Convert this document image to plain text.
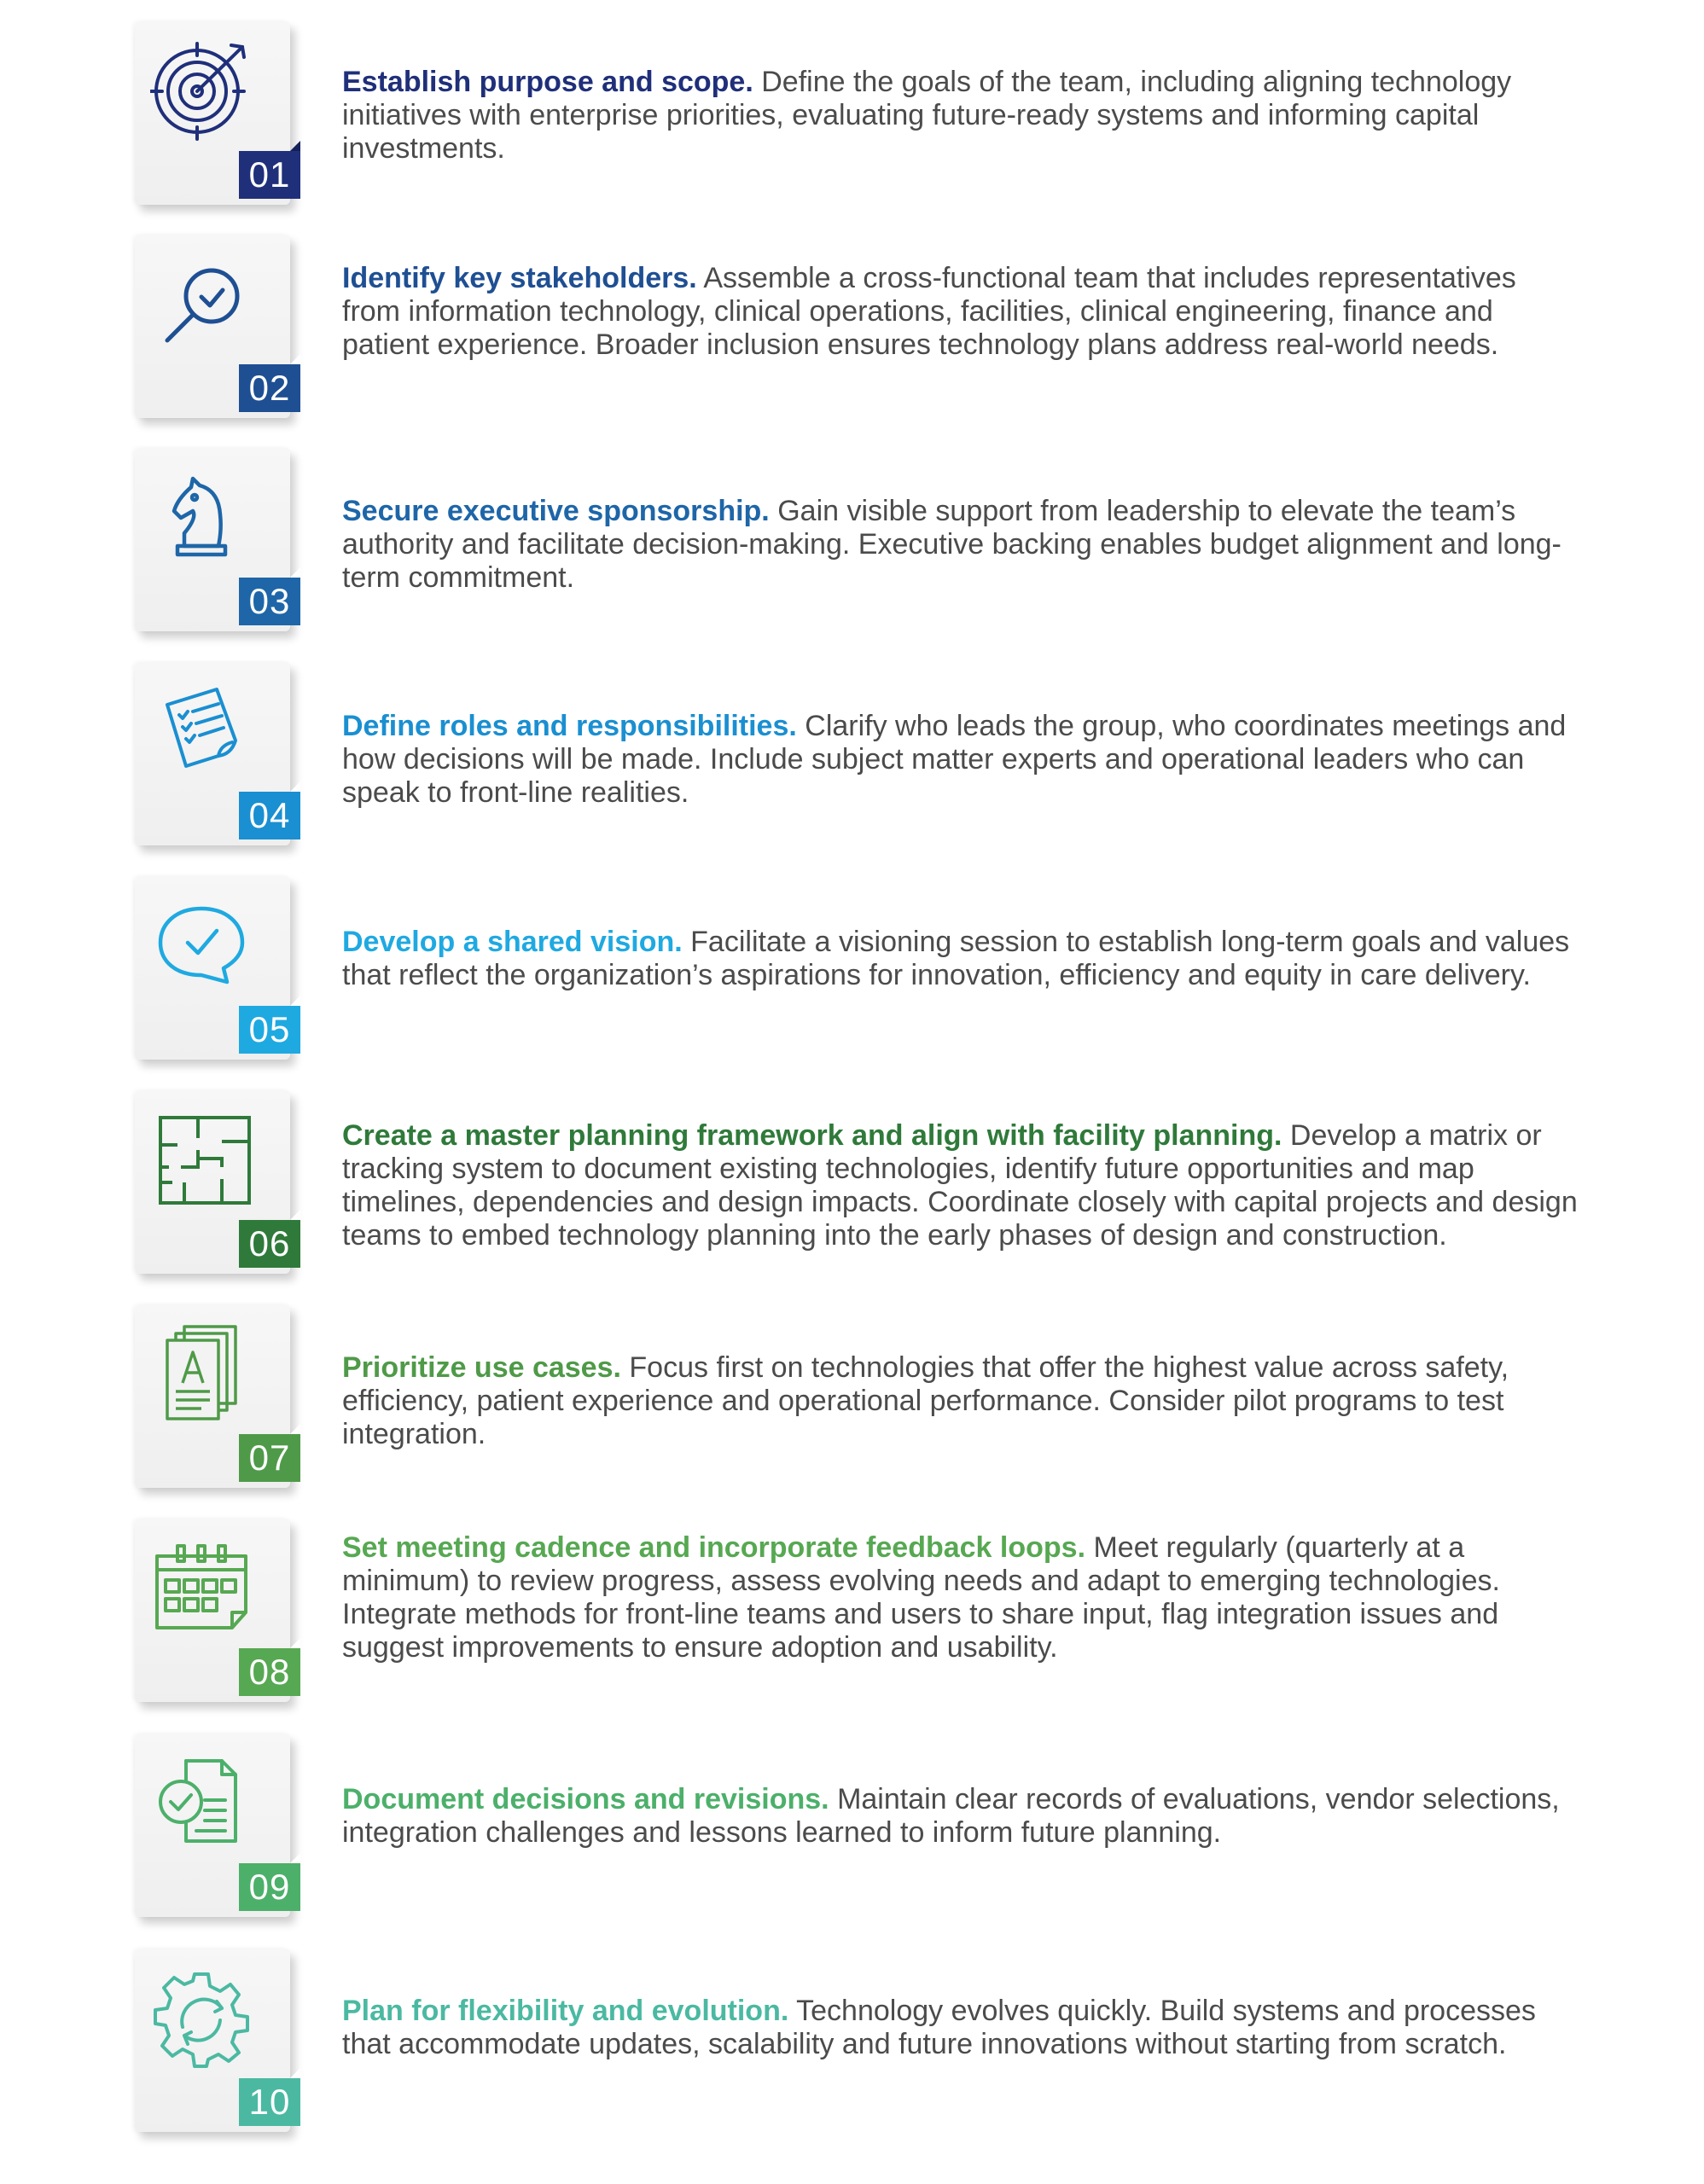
01
Establish purpose and scope. Define the goals of the team, including aligning technology initiatives with enterprise priorities, evaluating future-ready systems and informing capital investments.
02
Identify key stakeholders. Assemble a cross-functional team that includes representatives from information technology, clinical operations, facilities, clinical engineering, finance and patient experience. Broader inclusion ensures technology plans address real-world needs.
03
Secure executive sponsorship. Gain visible support from leadership to elevate the team’s authority and facilitate decision-making. Executive backing enables budget alignment and long-term commitment.
04
Define roles and responsibilities. Clarify who leads the group, who coordinates meetings and how decisions will be made. Include subject matter experts and operational leaders who can speak to front-line realities.
05
Develop a shared vision. Facilitate a visioning session to establish long-term goals and values that reflect the organization’s aspirations for innovation, efficiency and equity in care delivery.
06
Create a master planning framework and align with facility planning. Develop a matrix or tracking system to document existing technologies, identify future opportunities and map timelines, dependencies and design impacts. Coordinate closely with capital projects and design teams to embed technology planning into the early phases of design and construction.
07
Prioritize use cases. Focus first on technologies that offer the highest value across safety, efficiency, patient experience and operational performance. Consider pilot programs to test integration.
08
Set meeting cadence and incorporate feedback loops. Meet regularly (quarterly at a minimum) to review progress, assess evolving needs and adapt to emerging technologies. Integrate methods for front-line teams and users to share input, flag integration issues and suggest improvements to ensure adoption and usability.
09
Document decisions and revisions. Maintain clear records of evaluations, vendor selections, integration challenges and lessons learned to inform future planning.
10
Plan for flexibility and evolution. Technology evolves quickly. Build systems and processes that accommodate updates, scalability and future innovations without starting from scratch.
